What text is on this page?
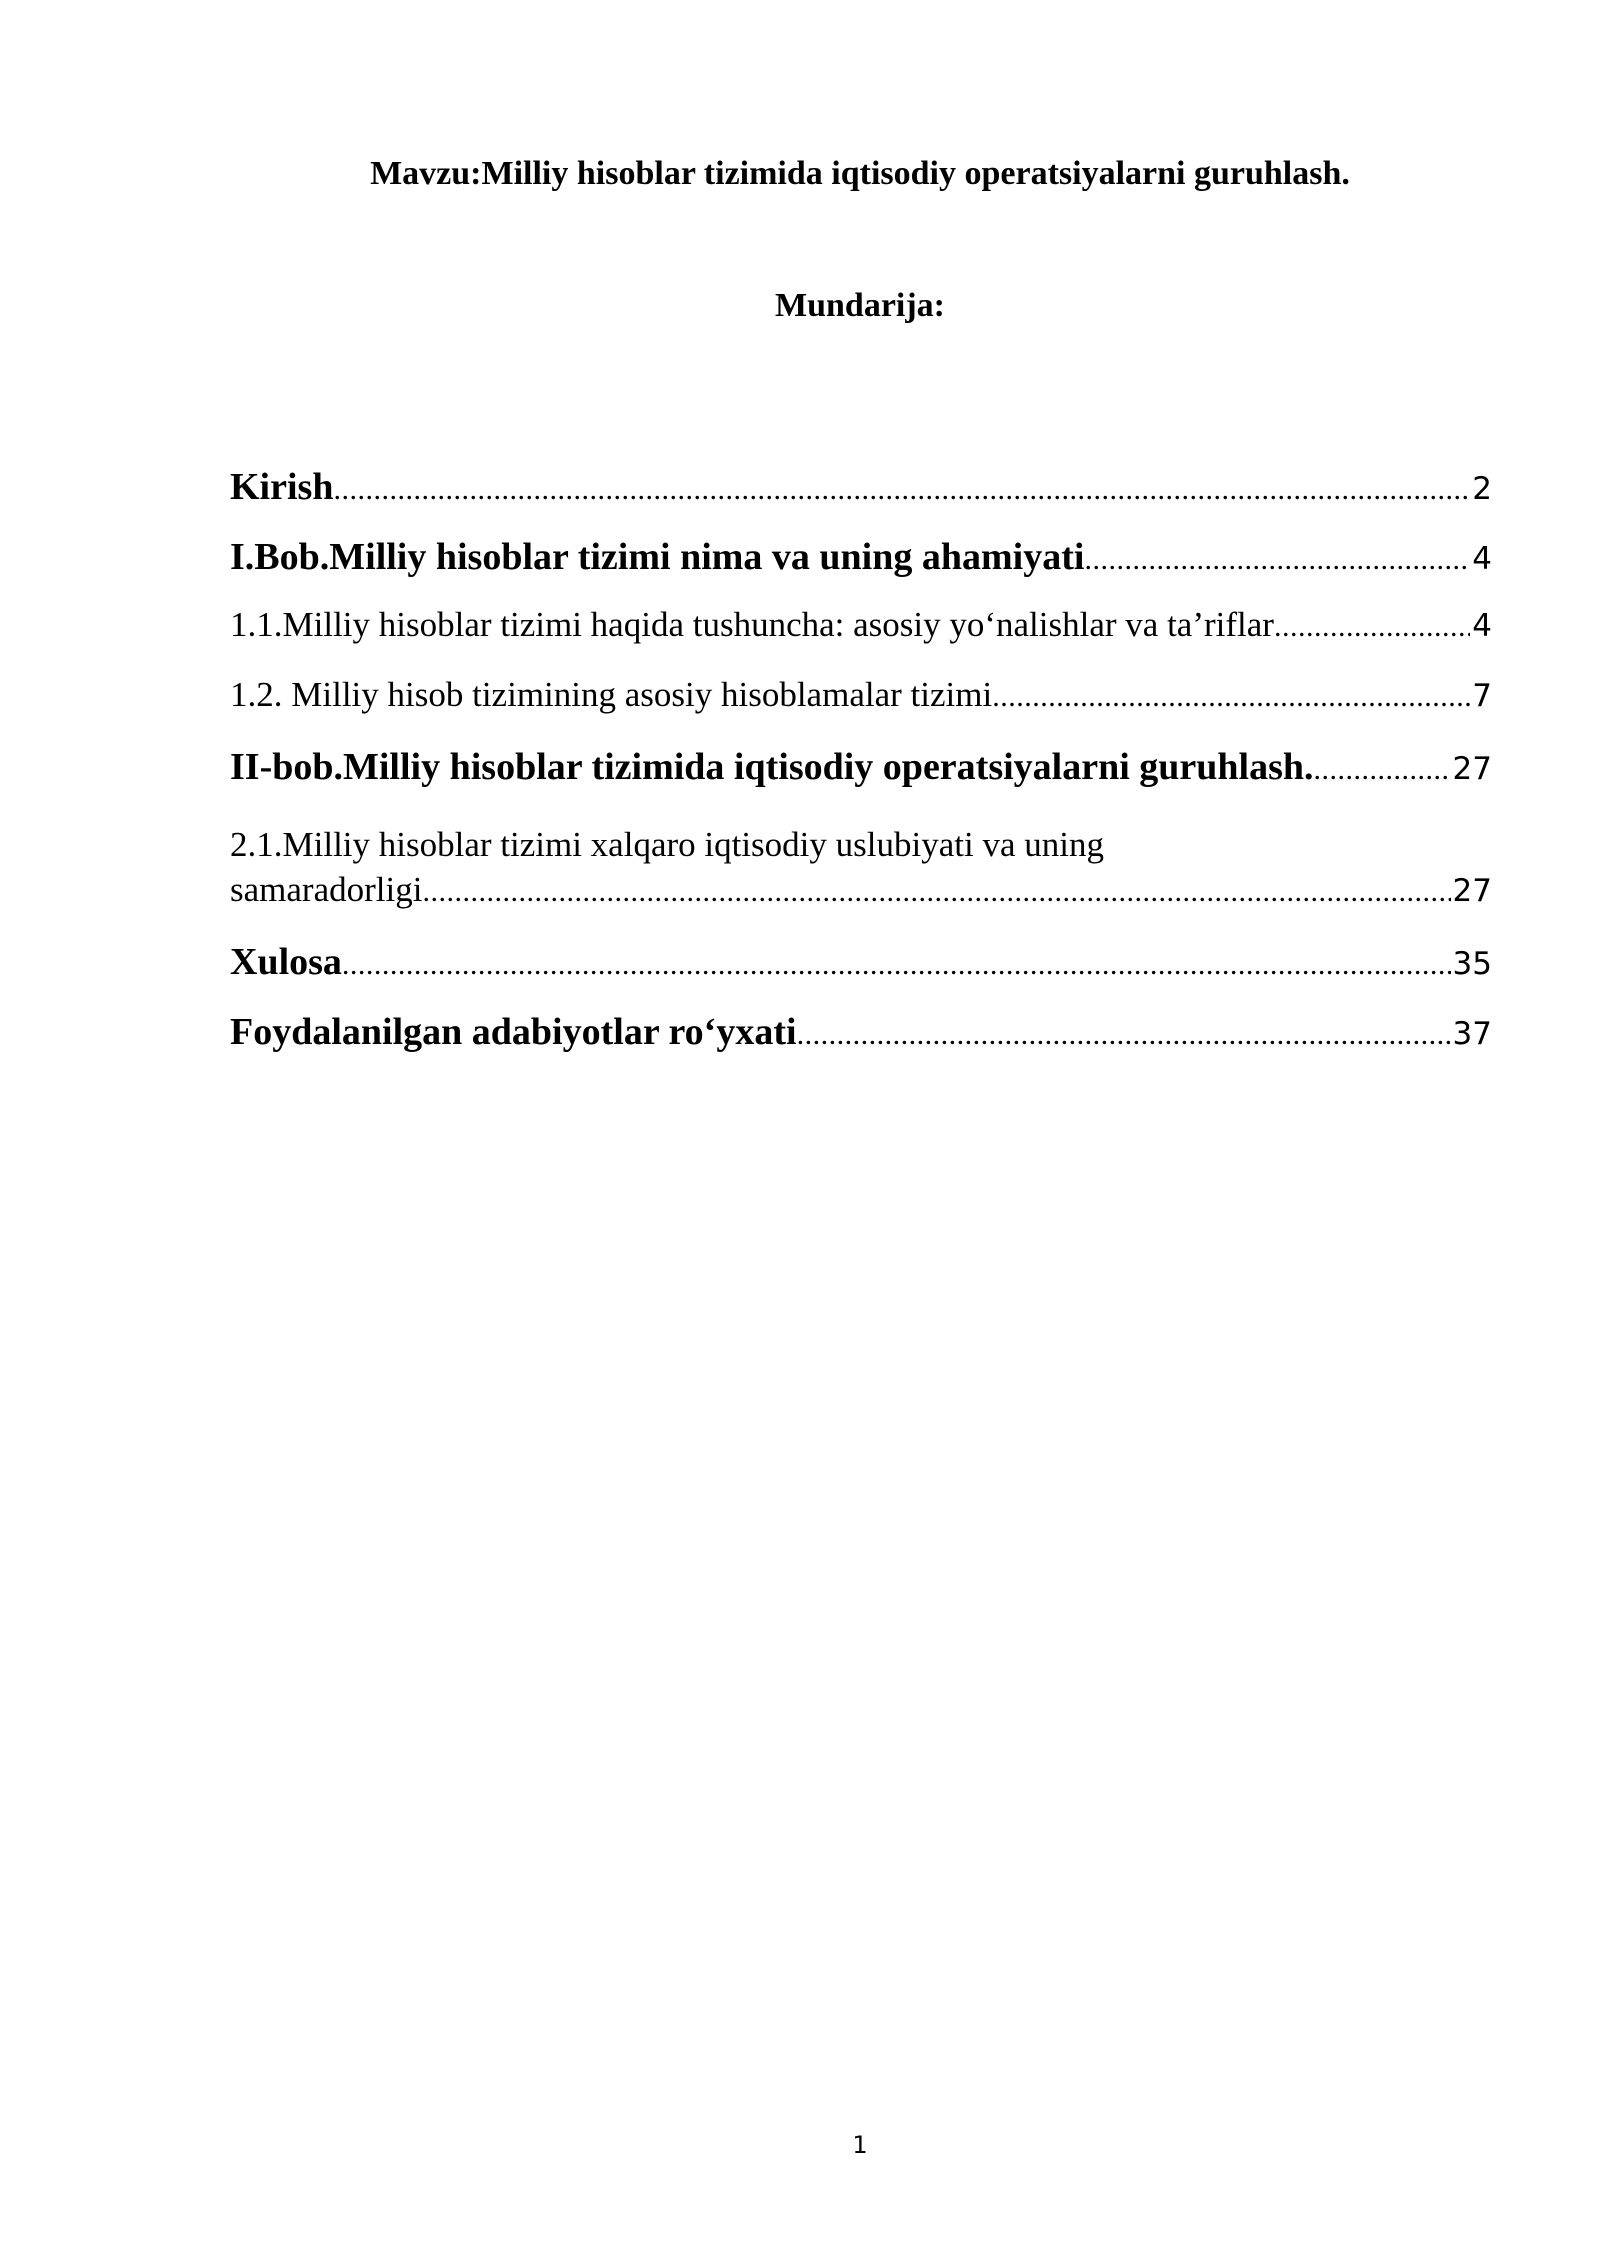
Mavzu:Milliy hisoblar tizimida iqtisodiy operatsiyalarni guruhlash.
Mundarija:
Kirish .....	2
I.Bob.Milliy hisoblar tizimi nima va uning ahamiyati .....	4
1.1.Milliy hisoblar tizimi haqida tushuncha: asosiy yo‘nalishlar va ta’riflar .....	4
1.2. Milliy hisob tizimining asosiy hisoblamalar tizimi .....	7
II-bob.Milliy hisoblar tizimida iqtisodiy operatsiyalarni guruhlash. .....	27
2.1.Milliy hisoblar tizimi xalqaro iqtisodiy uslubiyati va uning
samaradorligi .....	27
Xulosa .....	35
Foydalanilgan adabiyotlar ro‘yxati .....	37
1
